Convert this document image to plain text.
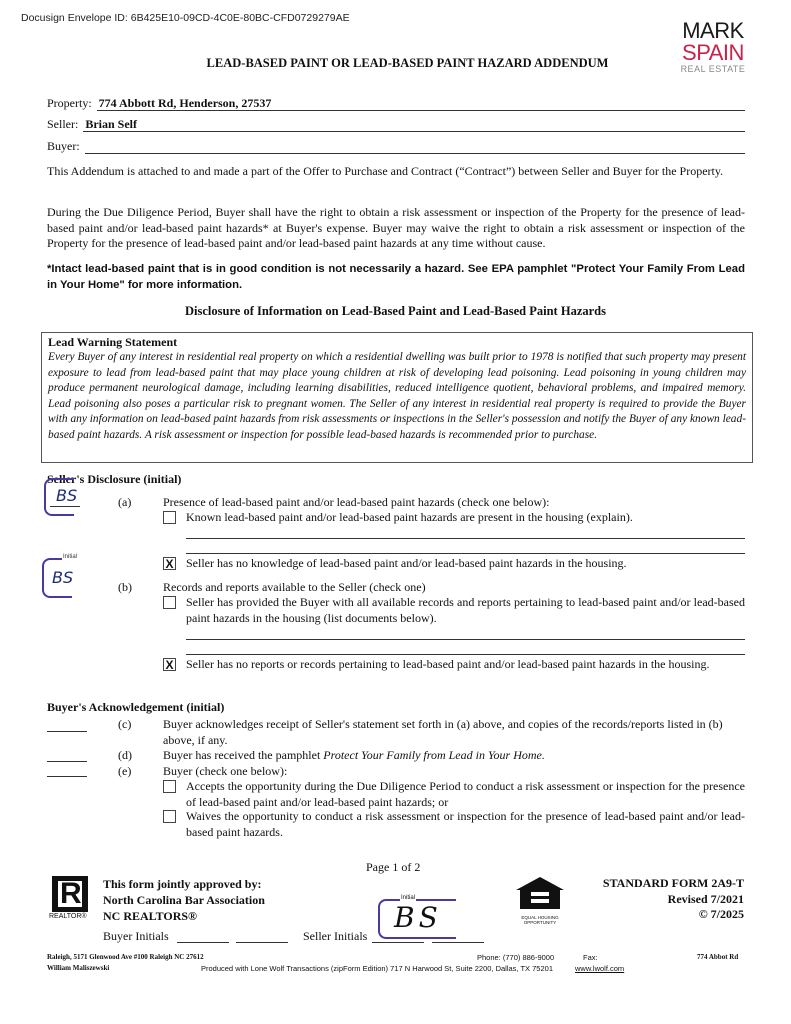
Docusign Envelope ID: 6B425E10-09CD-4C0E-80BC-CFD0729279AE	MARK
SPAIN
REAL ESTATE
LEAD-BASED PAINT OR LEAD-BASED PAINT HAZARD ADDENDUM
Property: 774 Abbott Rd, Henderson, 27537
Seller: Brian Self
Buyer:
This Addendum is attached to and made a part of the Offer to Purchase and Contract (“Contract”) between Seller and Buyer for the Property.
During the Due Diligence Period, Buyer shall have the right to obtain a risk assessment or inspection of the Property for the presence of lead-based paint and/or lead-based paint hazards* at Buyer's expense. Buyer may waive the right to obtain a risk assessment or inspection of the Property for the presence of lead-based paint and/or lead-based paint hazards at any time without cause.
*Intact lead-based paint that is in good condition is not necessarily a hazard. See EPA pamphlet "Protect Your Family From Lead in Your Home" for more information.
Disclosure of Information on Lead-Based Paint and Lead-Based Paint Hazards
Lead Warning Statement
Every Buyer of any interest in residential real property on which a residential dwelling was built prior to 1978 is notified that such property may present exposure to lead from lead-based paint that may place young children at risk of developing lead poisoning. Lead poisoning in young children may produce permanent neurological damage, including learning disabilities, reduced intelligence quotient, behavioral problems, and impaired memory. Lead poisoning also poses a particular risk to pregnant women. The Seller of any interest in residential real property is required to provide the Buyer with any information on lead-based paint hazards from risk assessments or inspections in the Seller's possession and notify the Buyer of any known lead-based paint hazards. A risk assessment or inspection for possible lead-based hazards is recommended prior to purchase.
Seller's Disclosure (initial)
BS	(a)	Presence of lead-based paint and/or lead-based paint hazards (check one below):
Known lead-based paint and/or lead-based paint hazards are present in the housing (explain).
Initial
BS
X Seller has no knowledge of lead-based paint and/or lead-based paint hazards in the housing.
(b)	Records and reports available to the Seller (check one)
Seller has provided the Buyer with all available records and reports pertaining to lead-based paint and/or lead-based paint hazards in the housing (list documents below).
X Seller has no reports or records pertaining to lead-based paint and/or lead-based paint hazards in the housing.
Buyer's Acknowledgement (initial)
(c)	Buyer acknowledges receipt of Seller's statement set forth in (a) above, and copies of the records/reports listed in (b) above, if any.
(d)	Buyer has received the pamphlet Protect Your Family from Lead in Your Home.
(e)	Buyer (check one below):
Accepts the opportunity during the Due Diligence Period to conduct a risk assessment or inspection for the presence of lead-based paint and/or lead-based paint hazards; or
Waives the opportunity to conduct a risk assessment or inspection for the presence of lead-based paint and/or lead-based paint hazards.
Page 1 of 2
R
REALTOR®
This form jointly approved by:
North Carolina Bar Association
NC REALTORS®
Buyer Initials	Seller Initials
Initial
BS	EQUAL HOUSING
OPPORTUNITY
STANDARD FORM 2A9-T
Revised 7/2021
© 7/2025
Raleigh, 5171 Glenwood Ave #100 Raleigh NC 27612
William Maliszewski
Phone: (770) 886-9000	Fax:	774 Abbot Rd
Produced with Lone Wolf Transactions (zipForm Edition) 717 N Harwood St, Suite 2200, Dallas, TX 75201	www.lwolf.com
